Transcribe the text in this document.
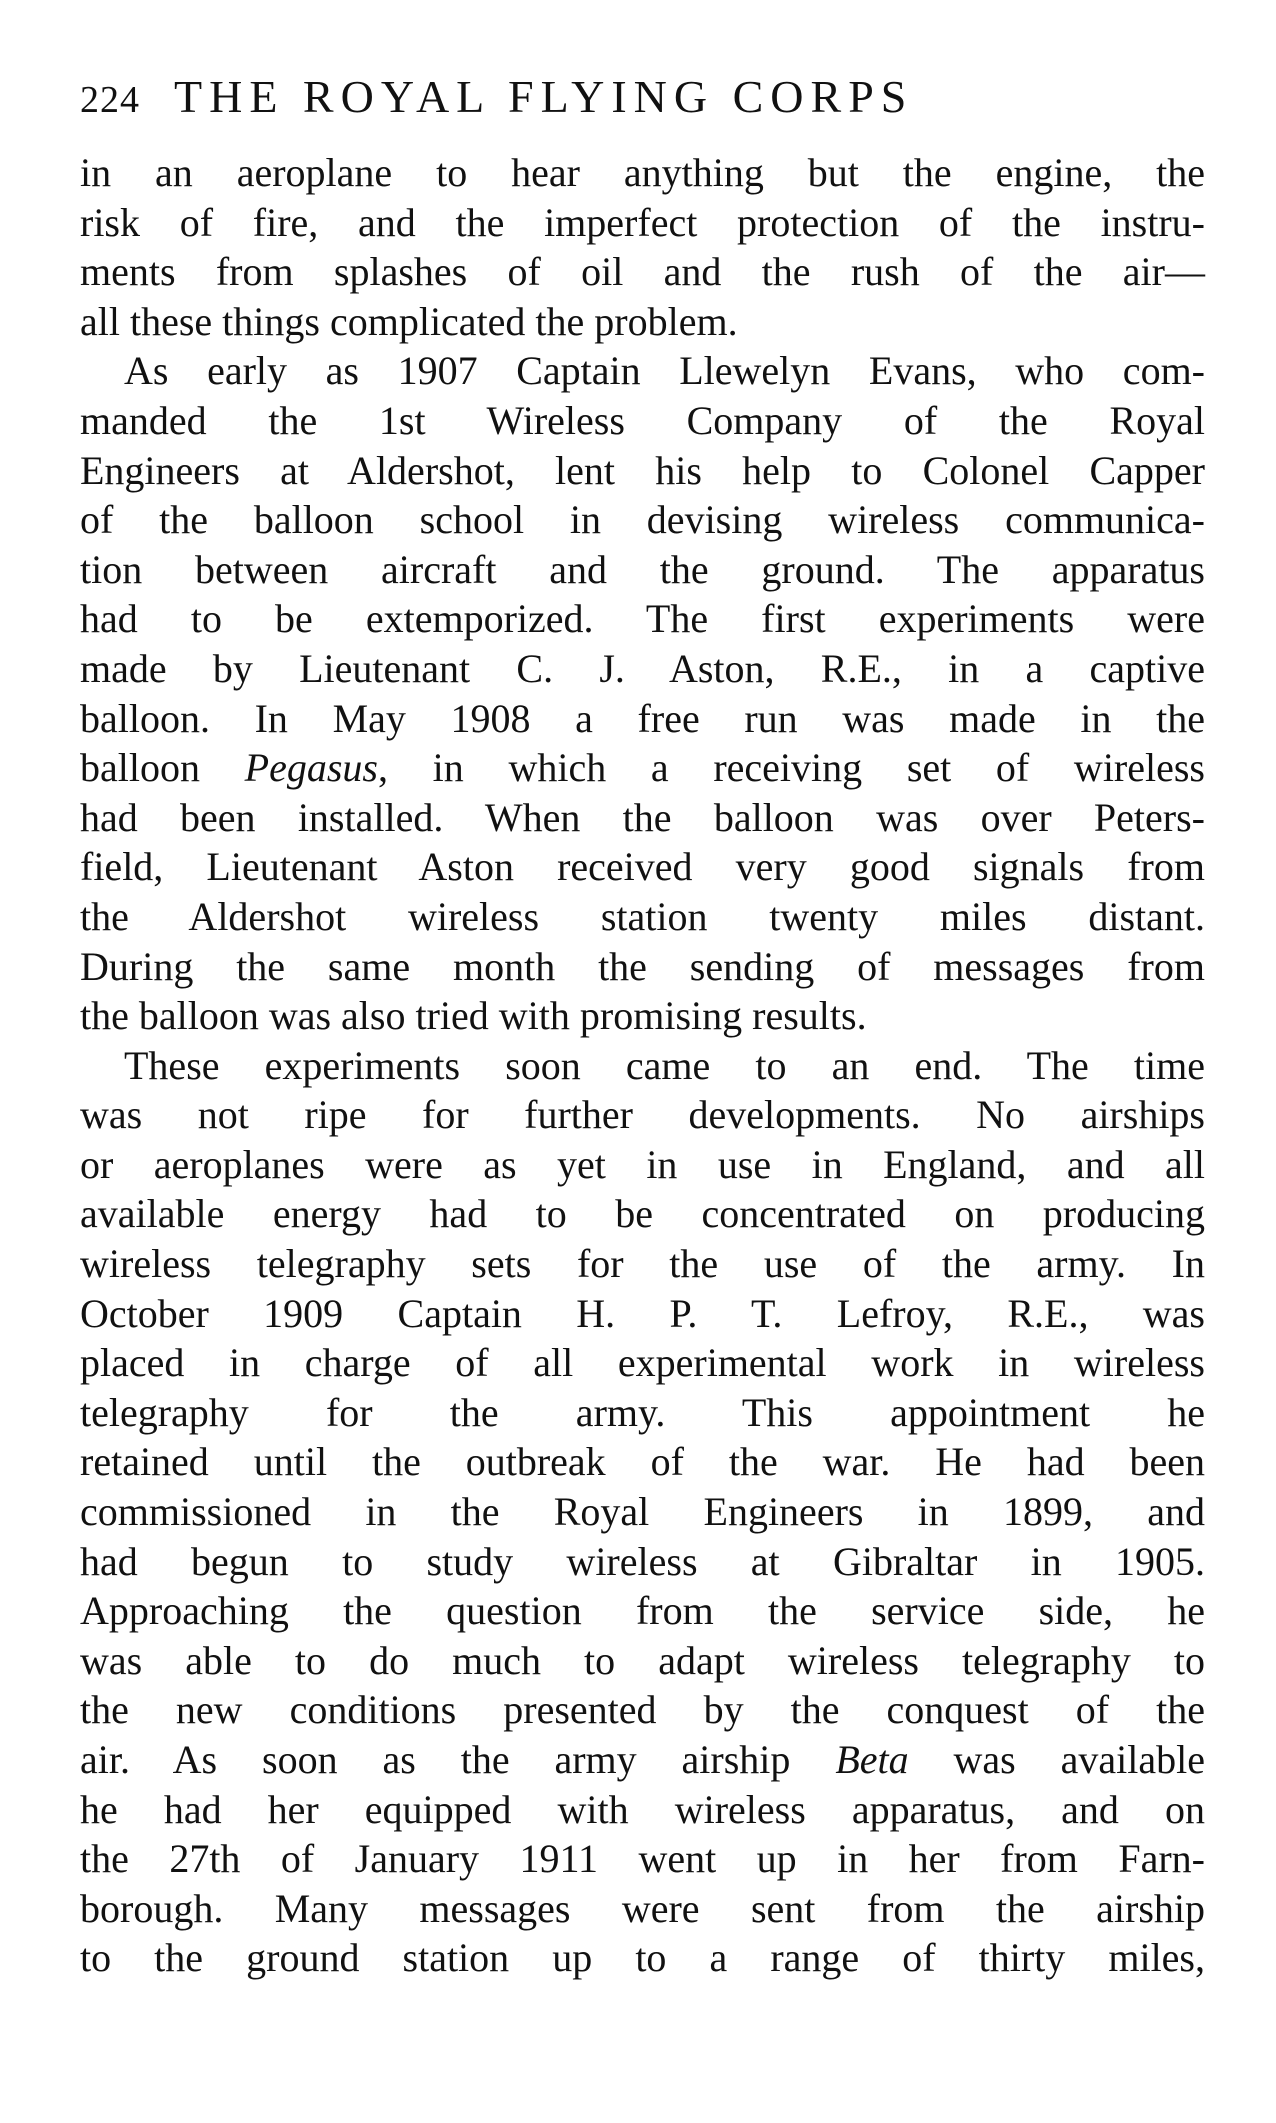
224 THE ROYAL FLYING CORPS
in an aeroplane to hear anything but the engine, the
risk of fire, and the imperfect protection of the instru-
ments from splashes of oil and the rush of the air—
all these things complicated the problem.
As early as 1907 Captain Llewelyn Evans, who com-
manded the 1st Wireless Company of the Royal
Engineers at Aldershot, lent his help to Colonel Capper
of the balloon school in devising wireless communica-
tion between aircraft and the ground. The apparatus
had to be extemporized. The first experiments were
made by Lieutenant C. J. Aston, R.E., in a captive
balloon. In May 1908 a free run was made in the
balloon Pegasus, in which a receiving set of wireless
had been installed. When the balloon was over Peters-
field, Lieutenant Aston received very good signals from
the Aldershot wireless station twenty miles distant.
During the same month the sending of messages from
the balloon was also tried with promising results.
These experiments soon came to an end. The time
was not ripe for further developments. No airships
or aeroplanes were as yet in use in England, and all
available energy had to be concentrated on producing
wireless telegraphy sets for the use of the army. In
October 1909 Captain H. P. T. Lefroy, R.E., was
placed in charge of all experimental work in wireless
telegraphy for the army. This appointment he
retained until the outbreak of the war. He had been
commissioned in the Royal Engineers in 1899, and
had begun to study wireless at Gibraltar in 1905.
Approaching the question from the service side, he
was able to do much to adapt wireless telegraphy to
the new conditions presented by the conquest of the
air. As soon as the army airship Beta was available
he had her equipped with wireless apparatus, and on
the 27th of January 1911 went up in her from Farn-
borough. Many messages were sent from the airship
to the ground station up to a range of thirty miles,
